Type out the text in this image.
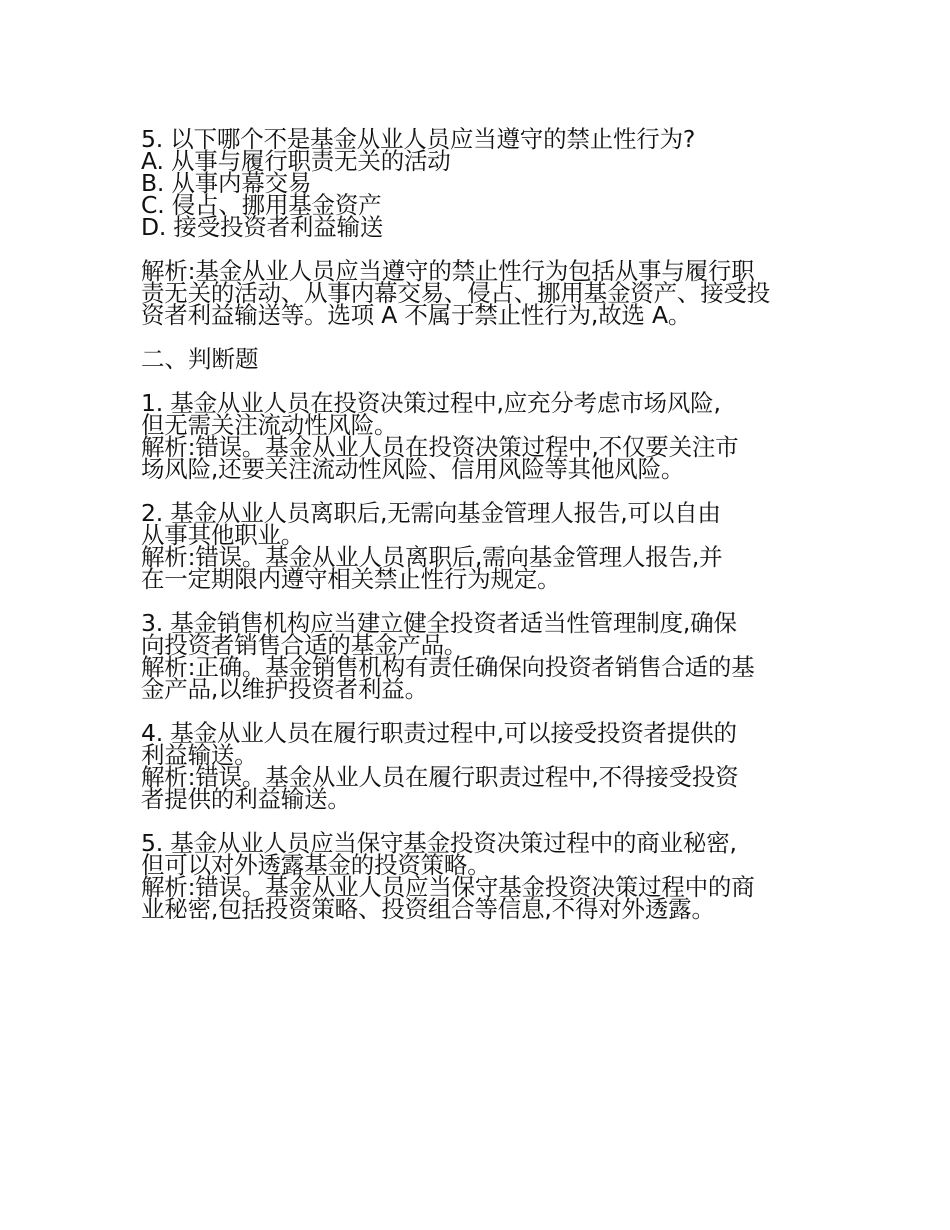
5. 以下哪个不是基金从业人员应当遵守的禁止性行为?
A. 从事与履行职责无关的活动
B. 从事内幕交易
C. 侵占、挪用基金资产
D. 接受投资者利益输送
解析:基金从业人员应当遵守的禁止性行为包括从事与履行职
责无关的活动、从事内幕交易、侵占、挪用基金资产、接受投
资者利益输送等。选项 A 不属于禁止性行为,故选 A。
二、判断题
1. 基金从业人员在投资决策过程中,应充分考虑市场风险,
但无需关注流动性风险。
解析:错误。基金从业人员在投资决策过程中,不仅要关注市
场风险,还要关注流动性风险、信用风险等其他风险。
2. 基金从业人员离职后,无需向基金管理人报告,可以自由
从事其他职业。
解析:错误。基金从业人员离职后,需向基金管理人报告,并
在一定期限内遵守相关禁止性行为规定。
3. 基金销售机构应当建立健全投资者适当性管理制度,确保
向投资者销售合适的基金产品。
解析:正确。基金销售机构有责任确保向投资者销售合适的基
金产品,以维护投资者利益。
4. 基金从业人员在履行职责过程中,可以接受投资者提供的
利益输送。
解析:错误。基金从业人员在履行职责过程中,不得接受投资
者提供的利益输送。
5. 基金从业人员应当保守基金投资决策过程中的商业秘密,
但可以对外透露基金的投资策略。
解析:错误。基金从业人员应当保守基金投资决策过程中的商
业秘密,包括投资策略、投资组合等信息,不得对外透露。
